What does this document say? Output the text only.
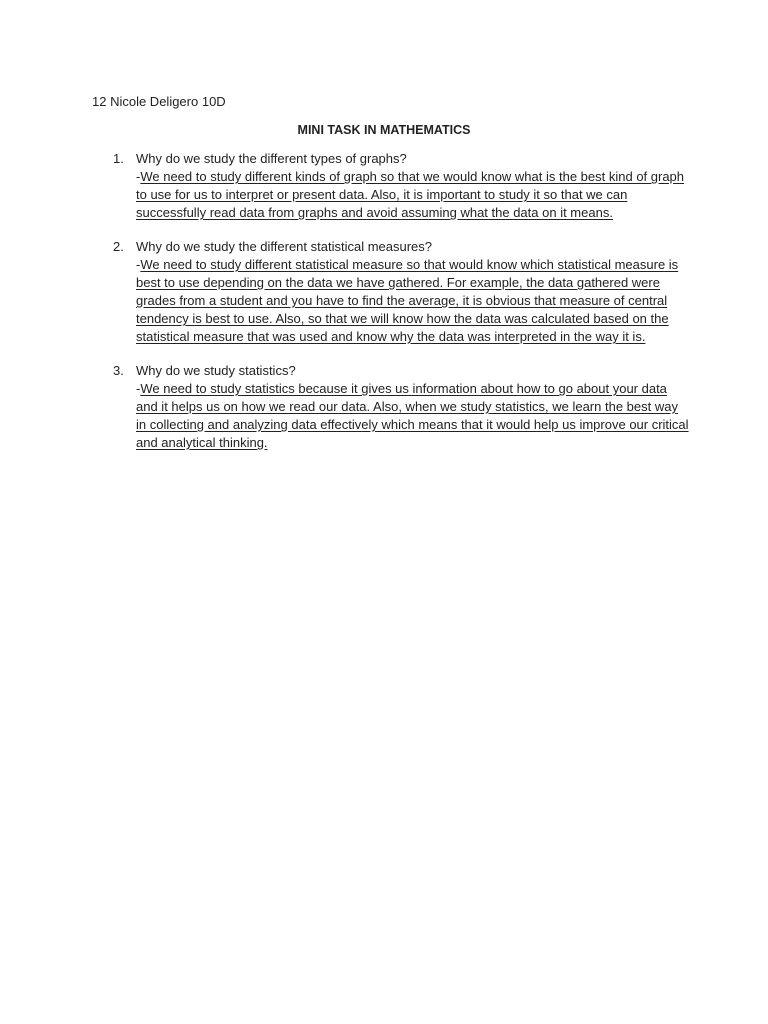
12 Nicole Deligero 10D
MINI TASK IN MATHEMATICS
1. Why do we study the different types of graphs?
-We need to study different kinds of graph so that we would know what is the best kind of graph to use for us to interpret or present data. Also, it is important to study it so that we can successfully read data from graphs and avoid assuming what the data on it means.
2. Why do we study the different statistical measures?
-We need to study different statistical measure so that would know which statistical measure is best to use depending on the data we have gathered. For example, the data gathered were grades from a student and you have to find the average, it is obvious that measure of central tendency is best to use. Also, so that we will know how the data was calculated based on the statistical measure that was used and know why the data was interpreted in the way it is.
3. Why do we study statistics?
-We need to study statistics because it gives us information about how to go about your data and it helps us on how we read our data. Also, when we study statistics, we learn the best way in collecting and analyzing data effectively which means that it would help us improve our critical and analytical thinking.
